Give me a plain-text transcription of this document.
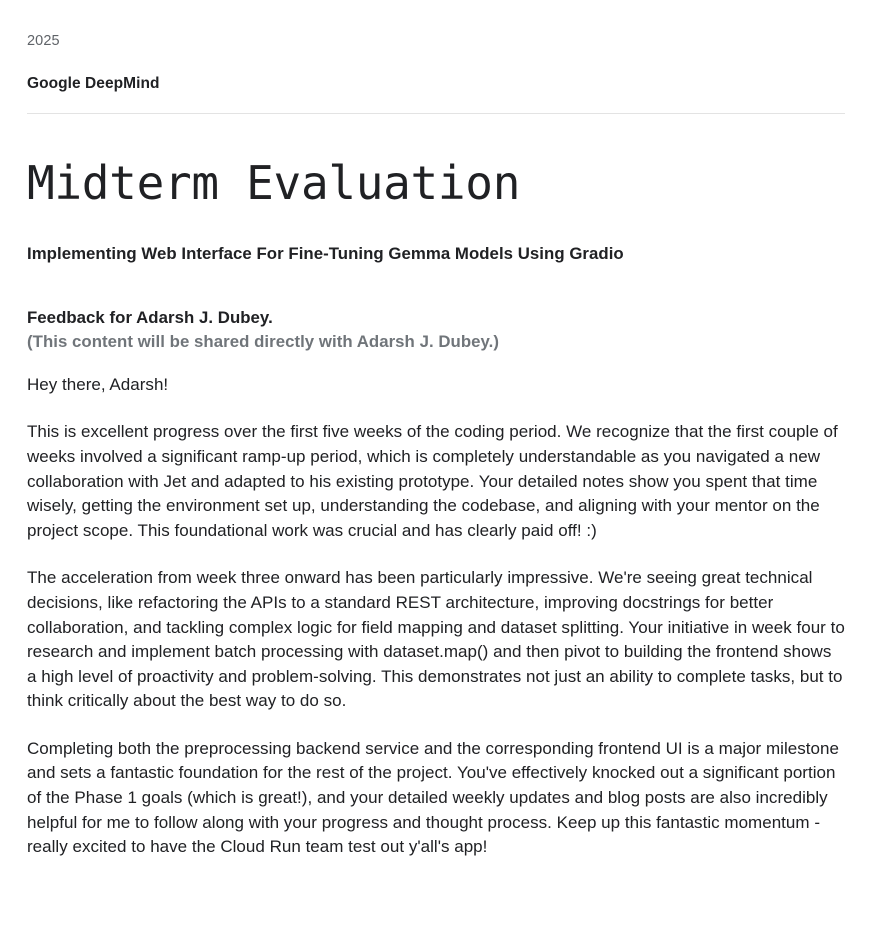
2025
Google DeepMind
Midterm Evaluation
Implementing Web Interface For Fine-Tuning Gemma Models Using Gradio
Feedback for Adarsh J. Dubey.
(This content will be shared directly with Adarsh J. Dubey.)

Hey there, Adarsh!

This is excellent progress over the first five weeks of the coding period. We recognize that the first couple of weeks involved a significant ramp-up period, which is completely understandable as you navigated a new collaboration with Jet and adapted to his existing prototype. Your detailed notes show you spent that time wisely, getting the environment set up, understanding the codebase, and aligning with your mentor on the project scope. This foundational work was crucial and has clearly paid off! :)

The acceleration from week three onward has been particularly impressive. We're seeing great technical decisions, like refactoring the APIs to a standard REST architecture, improving docstrings for better collaboration, and tackling complex logic for field mapping and dataset splitting. Your initiative in week four to research and implement batch processing with dataset.map() and then pivot to building the frontend shows a high level of proactivity and problem-solving. This demonstrates not just an ability to complete tasks, but to think critically about the best way to do so.

Completing both the preprocessing backend service and the corresponding frontend UI is a major milestone and sets a fantastic foundation for the rest of the project. You've effectively knocked out a significant portion of the Phase 1 goals (which is great!), and your detailed weekly updates and blog posts are also incredibly helpful for me to follow along with your progress and thought process. Keep up this fantastic momentum - really excited to have the Cloud Run team test out y'all's app!
